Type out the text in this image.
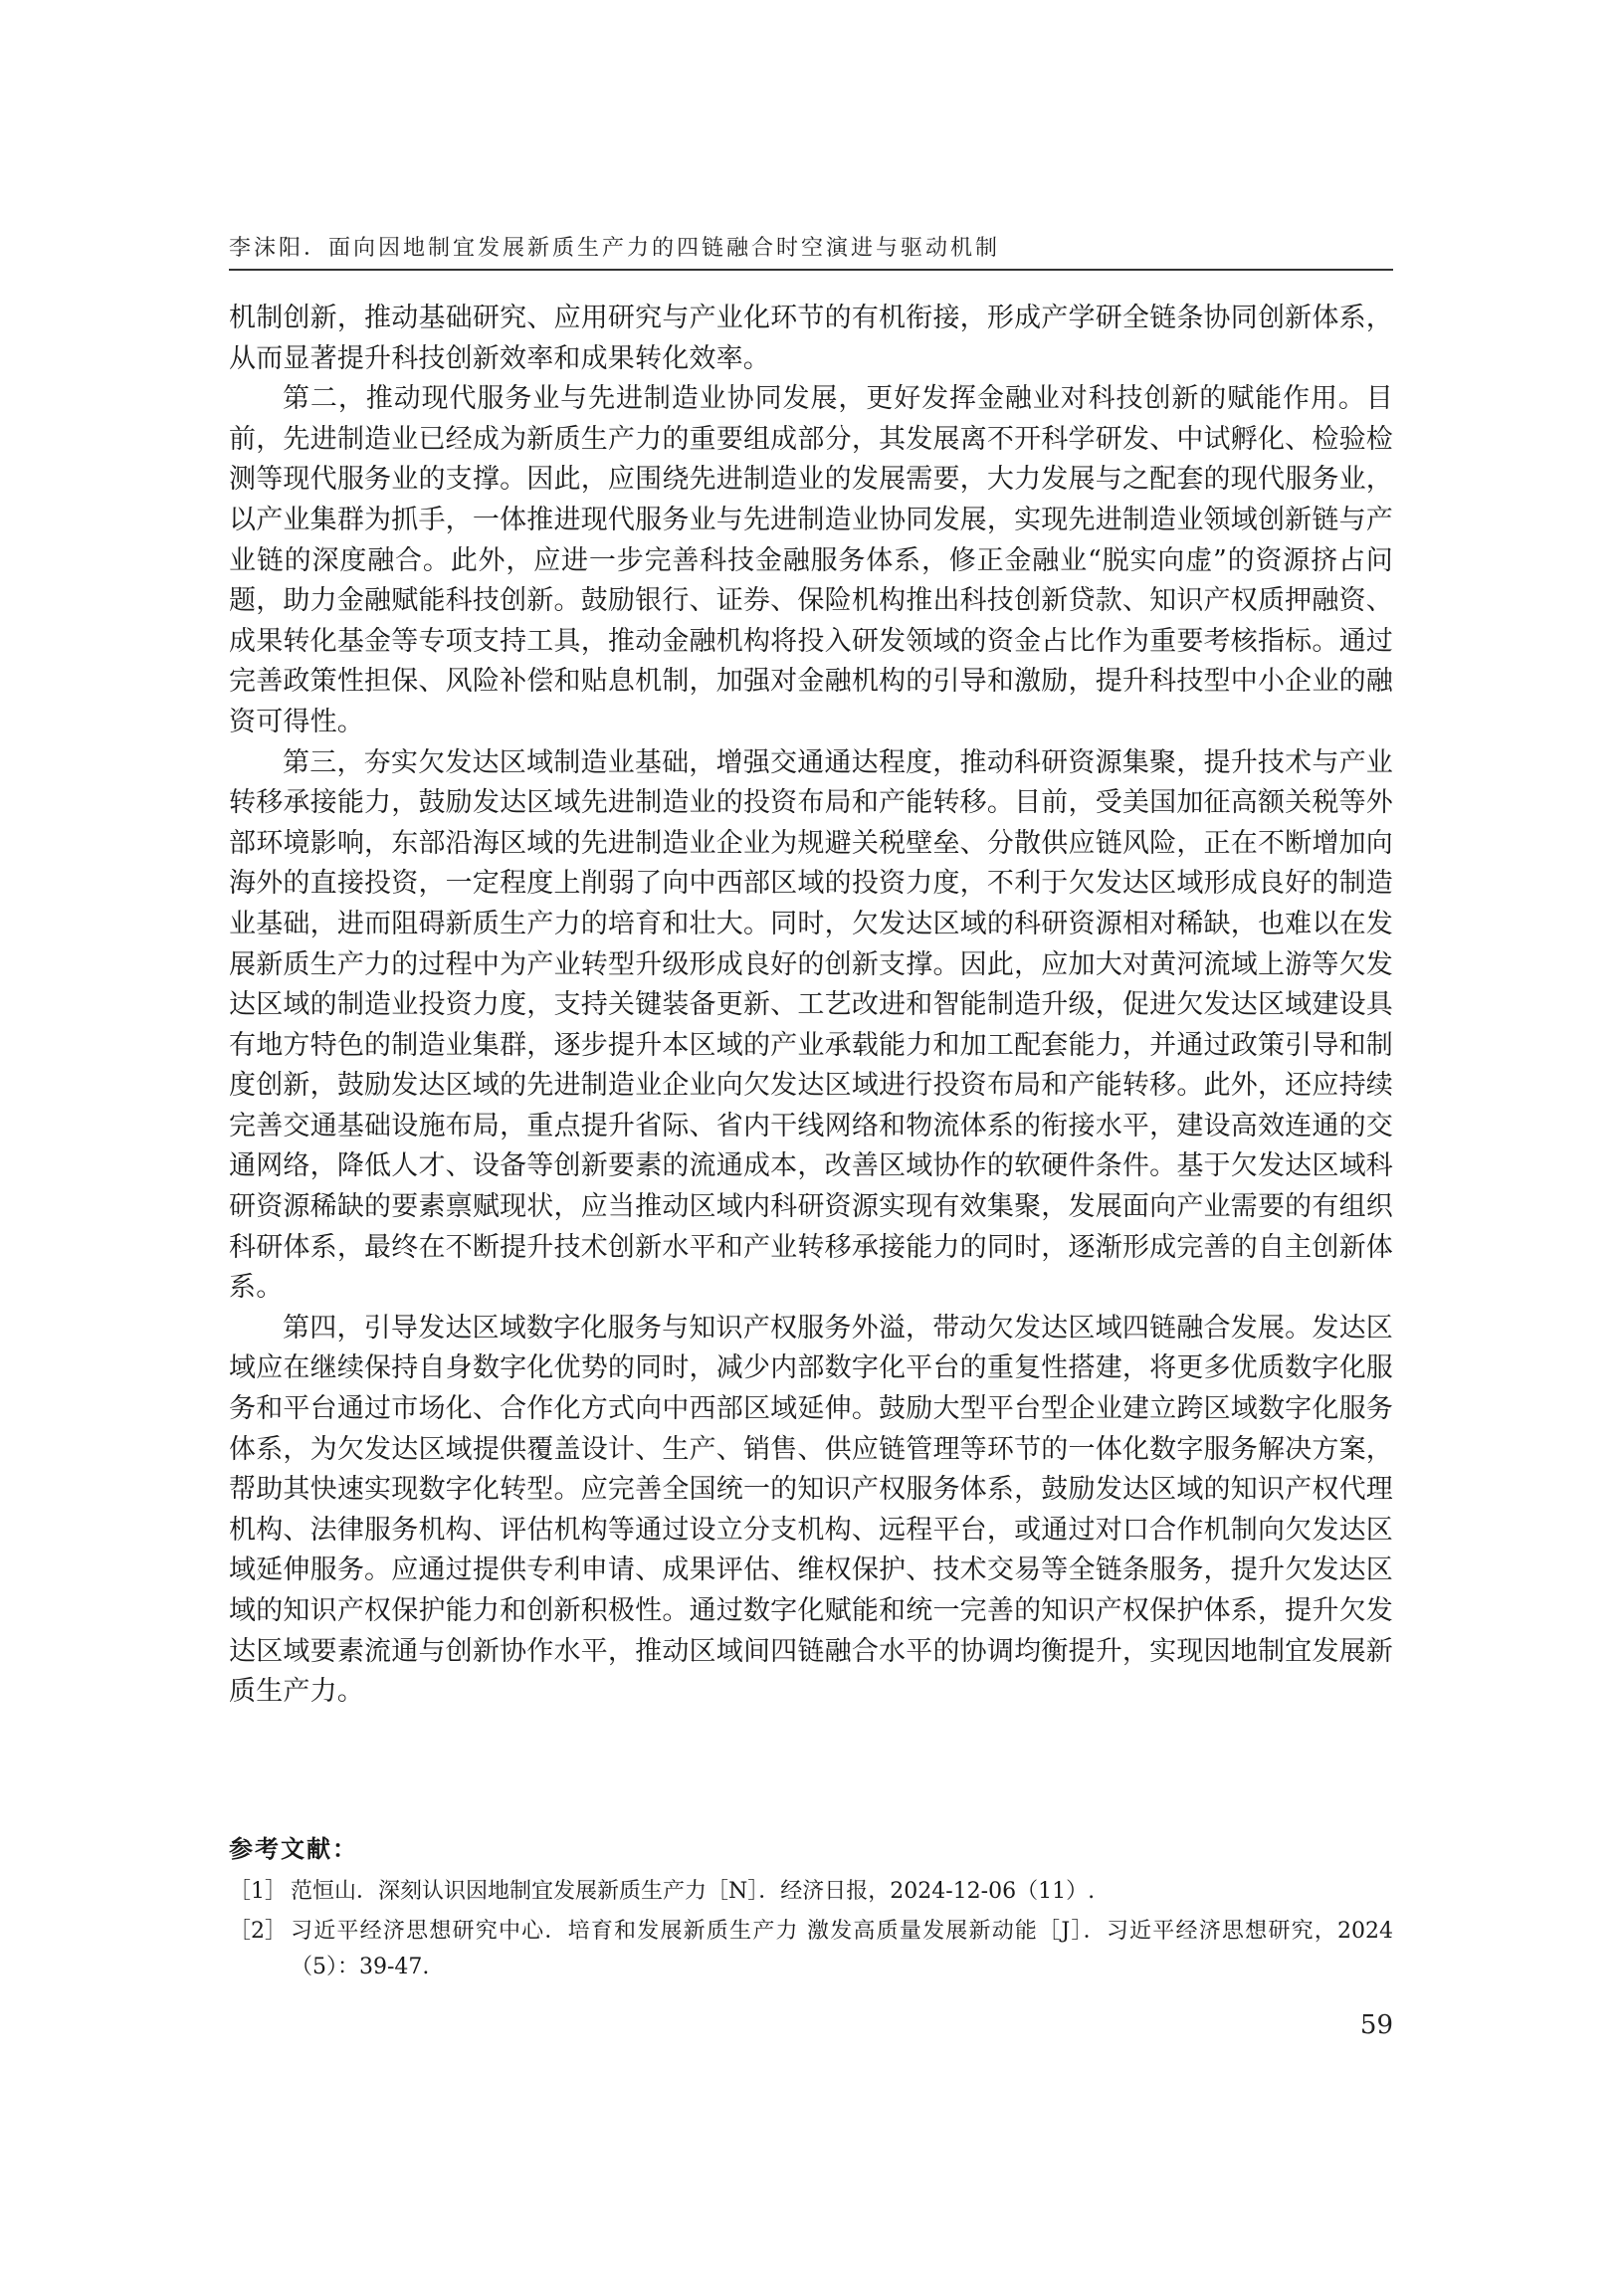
李沫阳．面向因地制宜发展新质生产力的四链融合时空演进与驱动机制

机制创新，推动基础研究、应用研究与产业化环节的有机衔接，形成产学研全链条协同创新体系，从而显著提升科技创新效率和成果转化效率。

第二，推动现代服务业与先进制造业协同发展，更好发挥金融业对科技创新的赋能作用。目前，先进制造业已经成为新质生产力的重要组成部分，其发展离不开科学研发、中试孵化、检验检测等现代服务业的支撑。因此，应围绕先进制造业的发展需要，大力发展与之配套的现代服务业，以产业集群为抓手，一体推进现代服务业与先进制造业协同发展，实现先进制造业领域创新链与产业链的深度融合。此外，应进一步完善科技金融服务体系，修正金融业“脱实向虚”的资源挤占问题，助力金融赋能科技创新。鼓励银行、证券、保险机构推出科技创新贷款、知识产权质押融资、成果转化基金等专项支持工具，推动金融机构将投入研发领域的资金占比作为重要考核指标。通过完善政策性担保、风险补偿和贴息机制，加强对金融机构的引导和激励，提升科技型中小企业的融资可得性。

第三，夯实欠发达区域制造业基础，增强交通通达程度，推动科研资源集聚，提升技术与产业转移承接能力，鼓励发达区域先进制造业的投资布局和产能转移。目前，受美国加征高额关税等外部环境影响，东部沿海区域的先进制造业企业为规避关税壁垒、分散供应链风险，正在不断增加向海外的直接投资，一定程度上削弱了向中西部区域的投资力度，不利于欠发达区域形成良好的制造业基础，进而阻碍新质生产力的培育和壮大。同时，欠发达区域的科研资源相对稀缺，也难以在发展新质生产力的过程中为产业转型升级形成良好的创新支撑。因此，应加大对黄河流域上游等欠发达区域的制造业投资力度，支持关键装备更新、工艺改进和智能制造升级，促进欠发达区域建设具有地方特色的制造业集群，逐步提升本区域的产业承载能力和加工配套能力，并通过政策引导和制度创新，鼓励发达区域的先进制造业企业向欠发达区域进行投资布局和产能转移。此外，还应持续完善交通基础设施布局，重点提升省际、省内干线网络和物流体系的衔接水平，建设高效连通的交通网络，降低人才、设备等创新要素的流通成本，改善区域协作的软硬件条件。基于欠发达区域科研资源稀缺的要素禀赋现状，应当推动区域内科研资源实现有效集聚，发展面向产业需要的有组织科研体系，最终在不断提升技术创新水平和产业转移承接能力的同时，逐渐形成完善的自主创新体系。

第四，引导发达区域数字化服务与知识产权服务外溢，带动欠发达区域四链融合发展。发达区域应在继续保持自身数字化优势的同时，减少内部数字化平台的重复性搭建，将更多优质数字化服务和平台通过市场化、合作化方式向中西部区域延伸。鼓励大型平台型企业建立跨区域数字化服务体系，为欠发达区域提供覆盖设计、生产、销售、供应链管理等环节的一体化数字服务解决方案，帮助其快速实现数字化转型。应完善全国统一的知识产权服务体系，鼓励发达区域的知识产权代理机构、法律服务机构、评估机构等通过设立分支机构、远程平台，或通过对口合作机制向欠发达区域延伸服务。应通过提供专利申请、成果评估、维权保护、技术交易等全链条服务，提升欠发达区域的知识产权保护能力和创新积极性。通过数字化赋能和统一完善的知识产权保护体系，提升欠发达区域要素流通与创新协作水平，推动区域间四链融合水平的协调均衡提升，实现因地制宜发展新质生产力。

参考文献：
［1］ 范恒山．深刻认识因地制宜发展新质生产力［N］．经济日报，2024-12-06（11）.
［2］ 习近平经济思想研究中心．培育和发展新质生产力 激发高质量发展新动能［J］．习近平经济思想研究，2024（5）：39-47.
59
